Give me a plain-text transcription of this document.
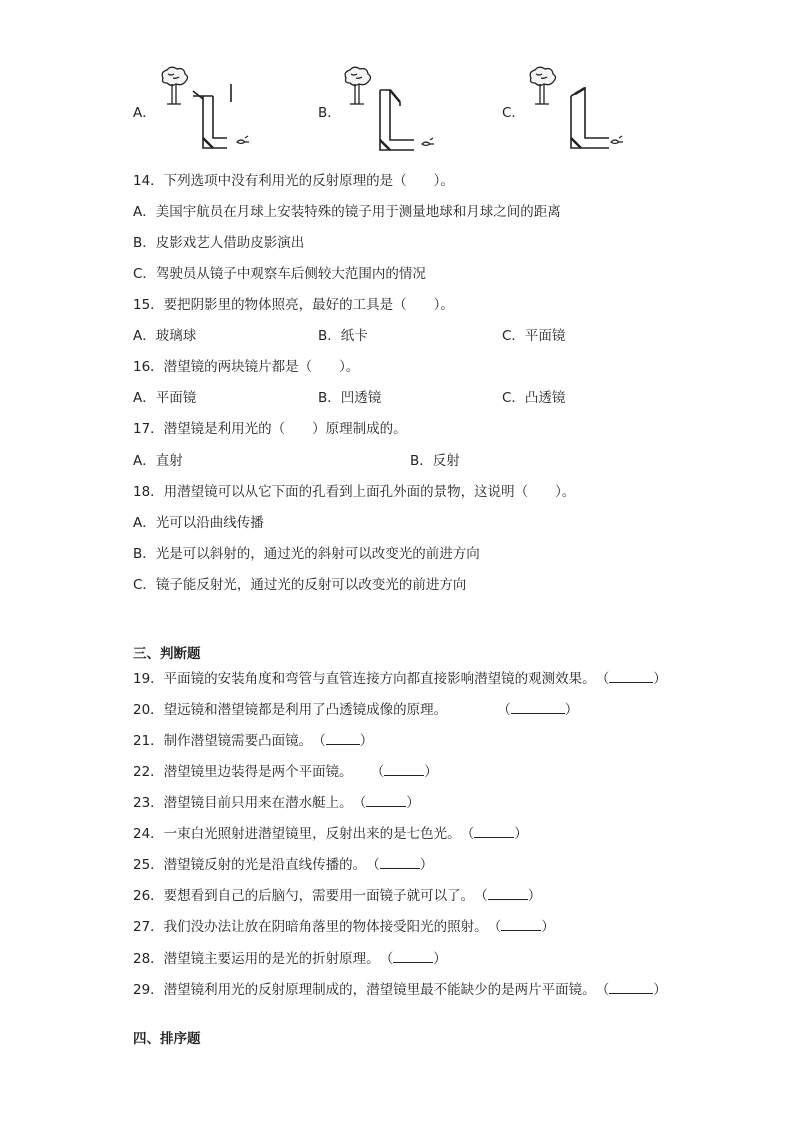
A．	B．	C．
14．下列选项中没有利用光的反射原理的是（　　）。
A．美国宇航员在月球上安装特殊的镜子用于测量地球和月球之间的距离
B．皮影戏艺人借助皮影演出
C．驾驶员从镜子中观察车后侧较大范围内的情况
15．要把阴影里的物体照亮，最好的工具是（　　）。
A．玻璃球	B．纸卡	C．平面镜
16．潜望镜的两块镜片都是（　　）。
A．平面镜	B．凹透镜	C．凸透镜
17．潜望镜是利用光的（　　）原理制成的。
A．直射	B．反射
18．用潜望镜可以从它下面的孔看到上面孔外面的景物，这说明（　　）。
A．光可以沿曲线传播
B．光是可以斜射的，通过光的斜射可以改变光的前进方向
C．镜子能反射光，通过光的反射可以改变光的前进方向
三、判断题
19．平面镜的安装角度和弯管与直管连接方向都直接影响潜望镜的观测效果。（	）
20．望远镜和潜望镜都是利用了凸透镜成像的原理。	（	）
21．制作潜望镜需要凸面镜。（	）
22．潜望镜里边装得是两个平面镜。 （	）
23．潜望镜目前只用来在潜水艇上。（	）
24．一束白光照射进潜望镜里，反射出来的是七色光。（	）
25．潜望镜反射的光是沿直线传播的。（	）
26．要想看到自己的后脑勺，需要用一面镜子就可以了。（	）
27．我们没办法让放在阴暗角落里的物体接受阳光的照射。（	）
28．潜望镜主要运用的是光的折射原理。（	）
29．潜望镜利用光的反射原理制成的，潜望镜里最不能缺少的是两片平面镜。（	）
四、排序题
